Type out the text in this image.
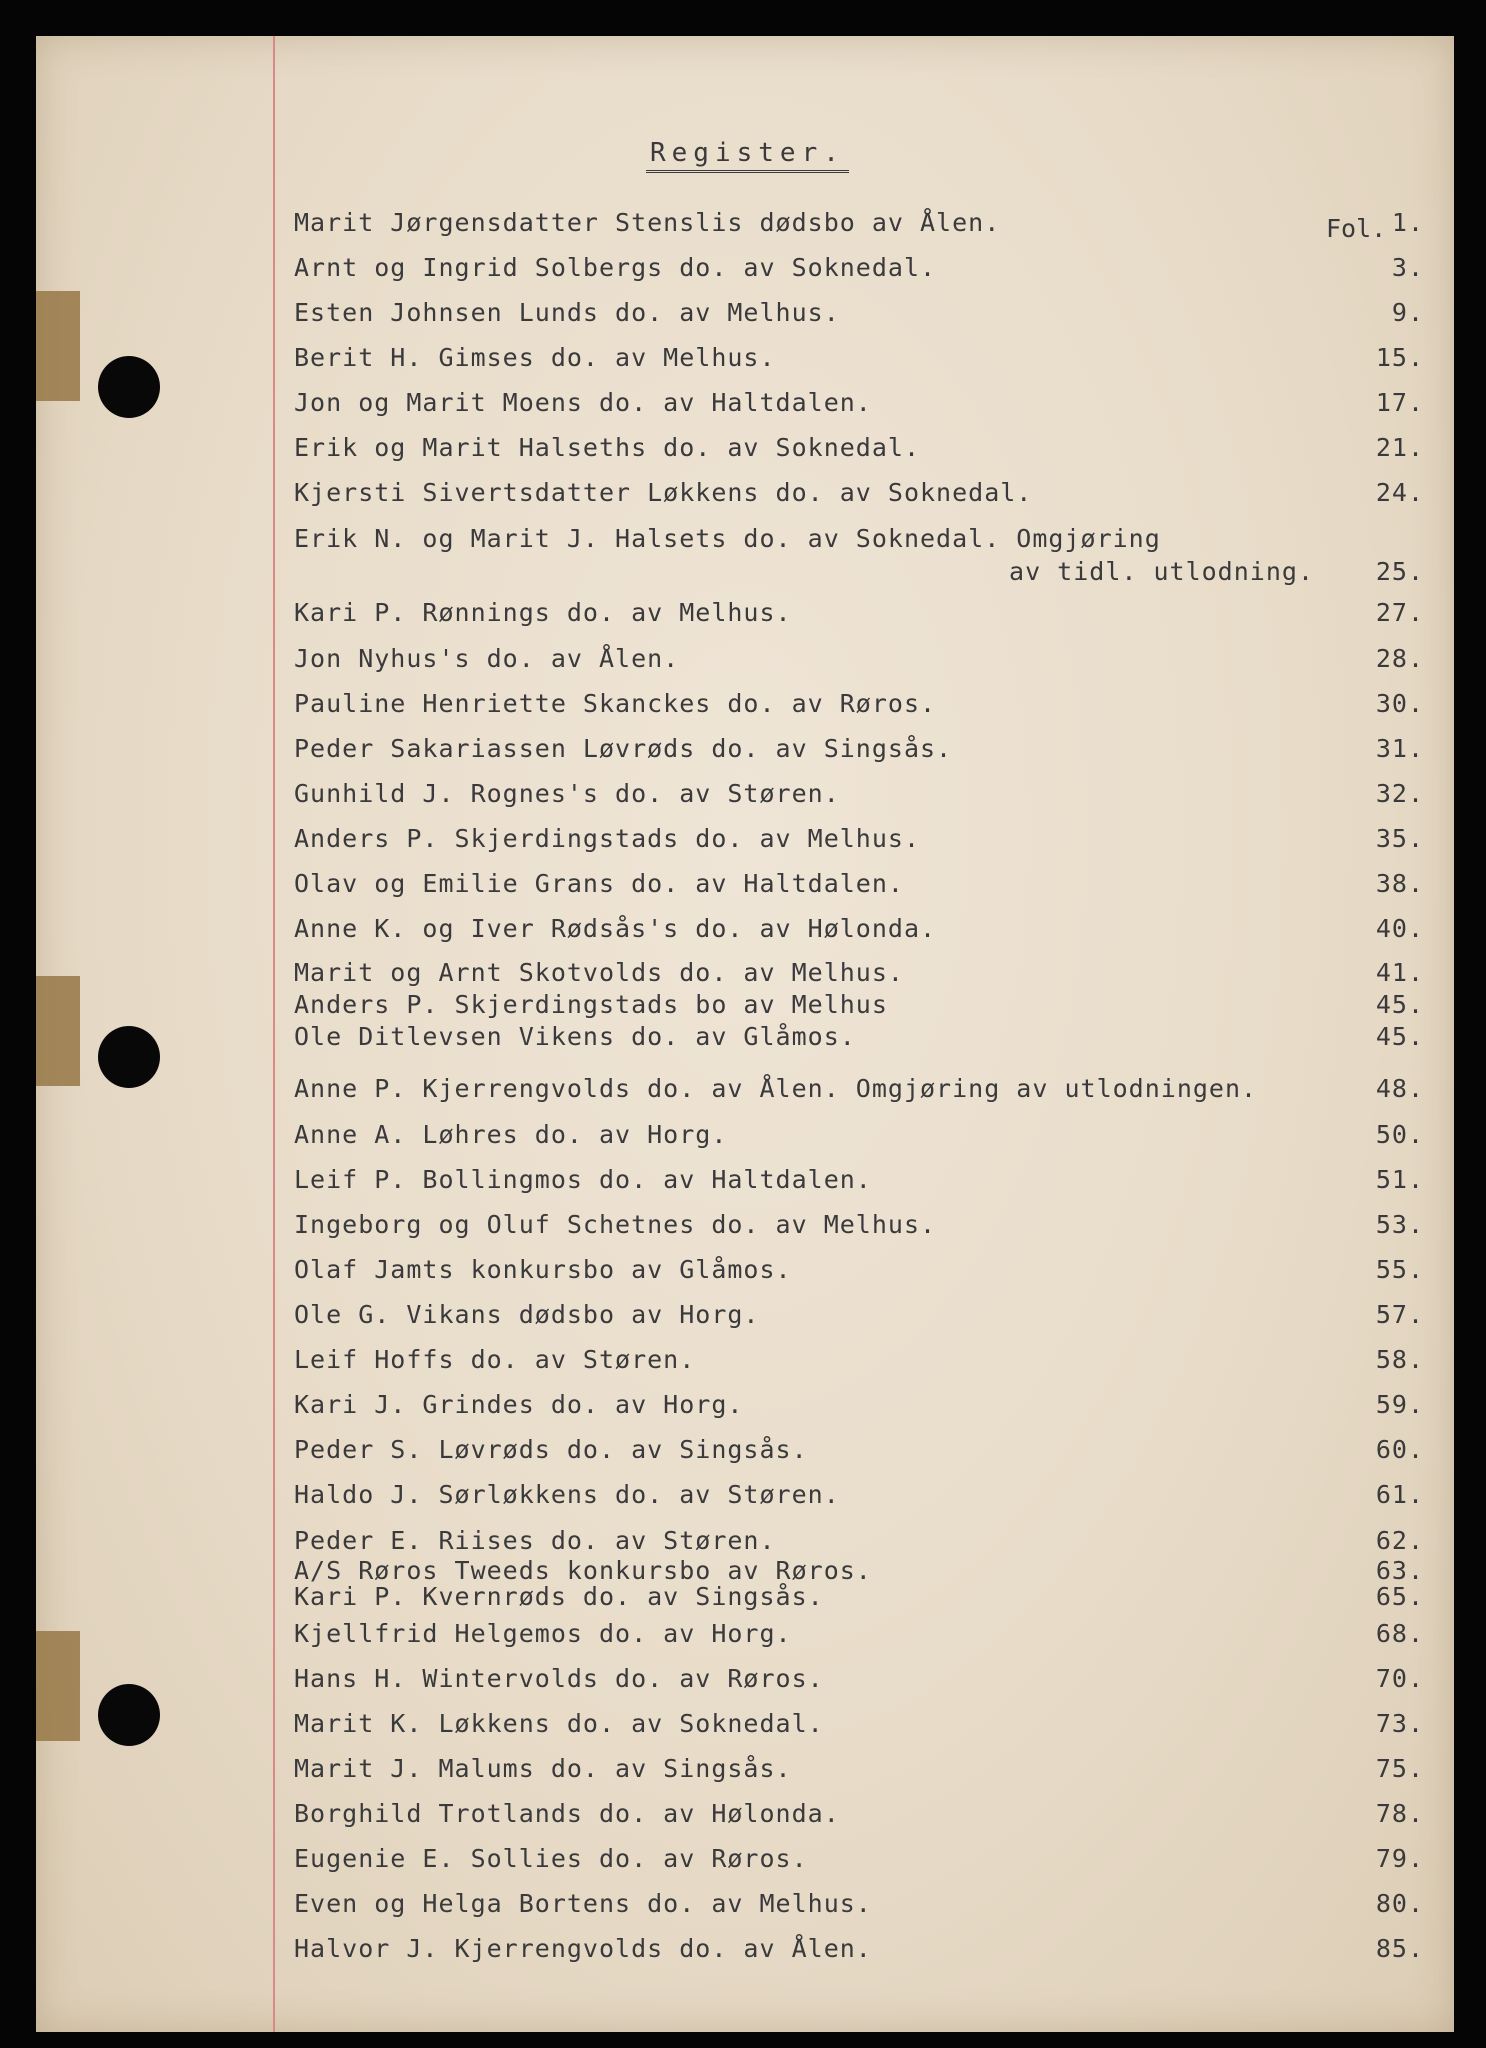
Register.
Fol.
Marit Jørgensdatter Stenslis dødsbo av Ålen.	1.
Arnt og Ingrid Solbergs do. av Soknedal.	3.
Esten Johnsen Lunds do. av Melhus.	9.
Berit H. Gimses do. av Melhus.	15.
Jon og Marit Moens do. av Haltdalen.	17.
Erik og Marit Halseths do. av Soknedal.	21.
Kjersti Sivertsdatter Løkkens do. av Soknedal.	24.
Erik N. og Marit J. Halsets do. av Soknedal. Omgjøring
av tidl. utlodning. 25.
Kari P. Rønnings do. av Melhus.	27.
Jon Nyhus's do. av Ålen.	28.
Pauline Henriette Skanckes do. av Røros.	30.
Peder Sakariassen Løvrøds do. av Singsås.	31.
Gunhild J. Rognes's do. av Støren.	32.
Anders P. Skjerdingstads do. av Melhus.	35.
Olav og Emilie Grans do. av Haltdalen.	38.
Anne K. og Iver Rødsås's do. av Hølonda.	40.
Marit og Arnt Skotvolds do. av Melhus.	41.
Anders P. Skjerdingstads bo av Melhus	45.
Ole Ditlevsen Vikens do. av Glåmos.	45.
Anne P. Kjerrengvolds do. av Ålen. Omgjøring av utlodningen.	48.
Anne A. Løhres do. av Horg.	50.
Leif P. Bollingmos do. av Haltdalen.	51.
Ingeborg og Oluf Schetnes do. av Melhus.	53.
Olaf Jamts konkursbo av Glåmos.	55.
Ole G. Vikans dødsbo av Horg.	57.
Leif Hoffs do. av Støren.	58.
Kari J. Grindes do. av Horg.	59.
Peder S. Løvrøds do. av Singsås.	60.
Haldo J. Sørløkkens do. av Støren.	61.
Peder E. Riises do. av Støren.	62.
A/S Røros Tweeds konkursbo av Røros.	63.
Kari P. Kvernrøds do. av Singsås.	65.
Kjellfrid Helgemos do. av Horg.	68.
Hans H. Wintervolds do. av Røros.	70.
Marit K. Løkkens do. av Soknedal.	73.
Marit J. Malums do. av Singsås.	75.
Borghild Trotlands do. av Hølonda.	78.
Eugenie E. Sollies do. av Røros.	79.
Even og Helga Bortens do. av Melhus.	80.
Halvor J. Kjerrengvolds do. av Ålen.	85.
